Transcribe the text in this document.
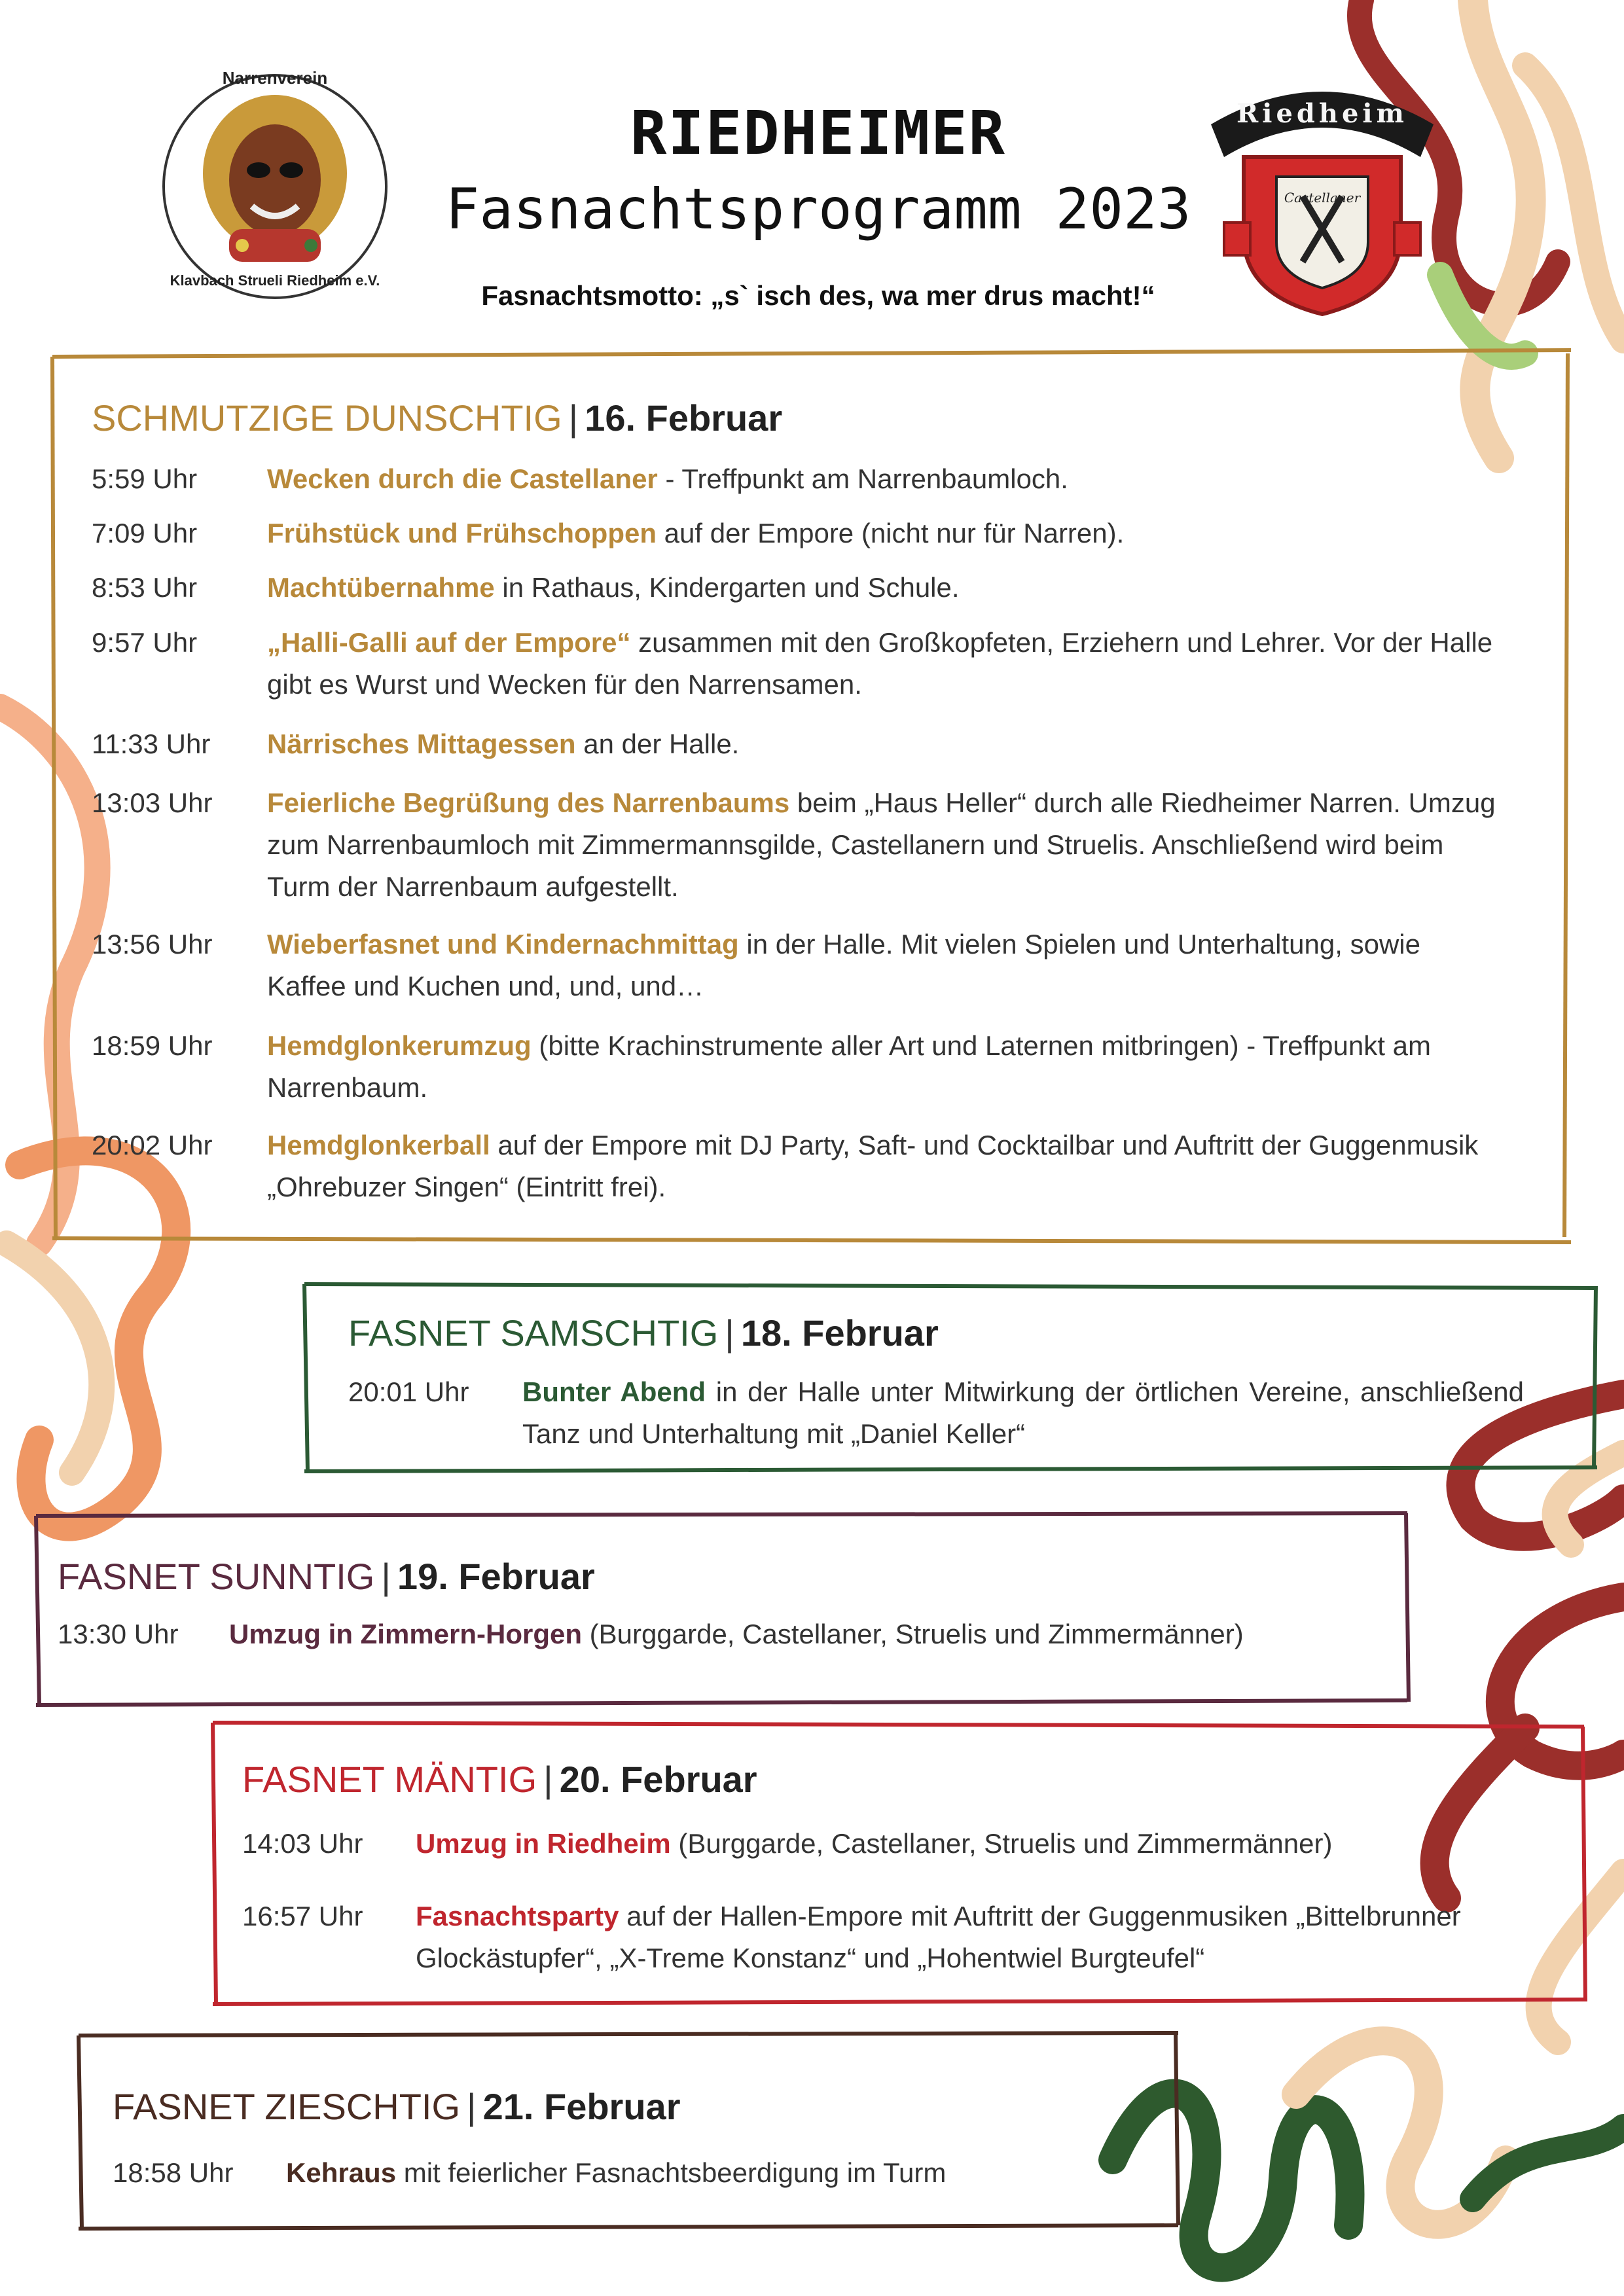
Narrenverein
Klavbach Strueli Riedheim e.V.
Riedheim
Castellaner
RIEDHEIMER
Fasnachtsprogramm 2023
Fasnachtsmotto: „s` isch des, wa mer drus macht!“
SCHMUTZIGE DUNSCHTIG | 16. Februar
5:59 Uhr	Wecken durch die Castellaner - Treffpunkt am Narrenbaumloch.
7:09 Uhr	Frühstück und Frühschoppen auf der Empore (nicht nur für Narren).
8:53 Uhr	Machtübernahme in Rathaus, Kindergarten und Schule.
9:57 Uhr	„Halli-Galli auf der Empore“ zusammen mit den Großkopfeten, Erziehern und Lehrer. Vor der Halle gibt es Wurst und Wecken für den Narrensamen.
11:33 Uhr Närrisches Mittagessen an der Halle.
13:03 Uhr Feierliche Begrüßung des Narrenbaums beim „Haus Heller“ durch alle Riedheimer Narren. Umzug zum Narrenbaumloch mit Zimmermannsgilde, Castellanern und Struelis. Anschließend wird beim Turm der Narrenbaum aufgestellt.
13:56 Uhr Wieberfasnet und Kindernachmittag in der Halle. Mit vielen Spielen und Unterhaltung, sowie Kaffee und Kuchen und, und, und…
18:59 Uhr Hemdglonkerumzug (bitte Krachinstrumente aller Art und Laternen mitbringen) - Treffpunkt am Narrenbaum.
20:02 Uhr Hemdglonkerball auf der Empore mit DJ Party, Saft- und Cocktailbar und Auftritt der Guggenmusik „Ohrebuzer Singen“ (Eintritt frei).
FASNET SAMSCHTIG | 18. Februar
20:01 Uhr Bunter Abend in der Halle unter Mitwirkung der örtlichen Vereine, anschließend Tanz und Unterhaltung mit „Daniel Keller“
FASNET SUNNTIG | 19. Februar
13:30 Uhr Umzug in Zimmern-Horgen (Burggarde, Castellaner, Struelis und Zimmermänner)
FASNET MÄNTIG | 20. Februar
14:03 Uhr Umzug in Riedheim (Burggarde, Castellaner, Struelis und Zimmermänner)
16:57 Uhr Fasnachtsparty auf der Hallen-Empore mit Auftritt der Guggenmusiken „Bittelbrunner Glockästupfer“, „X-Treme Konstanz“ und „Hohentwiel Burgteufel“
FASNET ZIESCHTIG | 21. Februar
18:58 Uhr Kehraus mit feierlicher Fasnachtsbeerdigung im Turm
